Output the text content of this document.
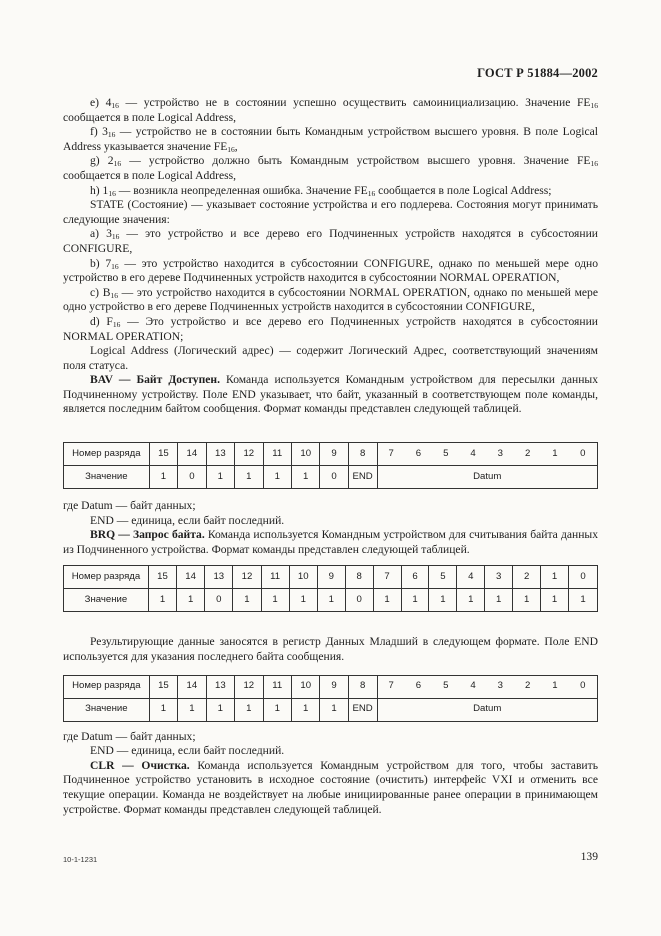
ГОСТ Р 51884—2002

e) $4_{16}$ — устройство не в состоянии успешно осуществить самоинициализацию. Значение $FE_{16}$ сообщается в поле Logical Address,

f) $3_{16}$ — устройство не в состоянии быть Командным устройством высшего уровня. В поле Logical Address указывается значение $FE_{16}$,

g) $2_{16}$ — устройство должно быть Командным устройством высшего уровня. Значение $FE_{16}$ сообщается в поле Logical Address,

h) $1_{16}$ — возникла неопределенная ошибка. Значение $FE_{16}$ сообщается в поле Logical Address;

STATE (Состояние) — указывает состояние устройства и его подлерева. Состояния могут принимать следующие значения:

a) $3_{16}$ — это устройство и все дерево его Подчиненных устройств находятся в субсостоянии CONFIGURE,

b) $7_{16}$ — это устройство находится в субсостоянии CONFIGURE, однако по меньшей мере одно устройство в его дереве Подчиненных устройств находится в субсостоянии NORMAL OPERATION,

c) $B_{16}$ — это устройство находится в субсостоянии NORMAL OPERATION, однако по меньшей мере одно устройство в его дереве Подчиненных устройств находится в субсостоянии CONFIGURE,

d) $F_{16}$ — Это устройство и все дерево его Подчиненных устройств находятся в субсостоянии NORMAL OPERATION;

Logical Address (Логический адрес) — содержит Логический Адрес, соответствующий значениям поля статуса.

BAV — Байт Доступен. Команда используется Командным устройством для пересылки данных Подчиненному устройству. Поле END указывает, что байт, указанный в соответствующем поле команды, является последним байтом сообщения. Формат команды представлен следующей таблицей.

Номер разряда	15	14	13	12	11	10	9	8	7	6	5	4	3	2	1	0
Значение	1	0	1	1	1	1	0	END	Datum							

где Datum — байт данных;

END — единица, если байт последний.

BRQ — Запрос байта. Команда используется Командным устройством для считывания байта данных из Подчиненного устройства. Формат команды представлен следующей таблицей.

Номер разряда	15	14	13	12	11	10	9	8	7	6	5	4	3	2	1	0
Значение	1	1	0	1	1	1	1	0	1	1	1	1	1	1	1	1

Результирующие данные заносятся в регистр Данных Младший в следующем формате. Поле END используется для указания последнего байта сообщения.

Номер разряда	15	14	13	12	11	10	9	8	7	6	5	4	3	2	1	0
Значение	1	1	1	1	1	1	1	END	Datum							

где Datum — байт данных;

END — единица, если байт последний.

CLR — Очистка. Команда используется Командным устройством для того, чтобы заставить Подчиненное устройство установить в исходное состояние (очистить) интерфейс VXI и отменить все текущие операции. Команда не воздействует на любые инициированные ранее операции в принимающем устройстве. Формат команды представлен следующей таблицей.

10-1-1231	139
